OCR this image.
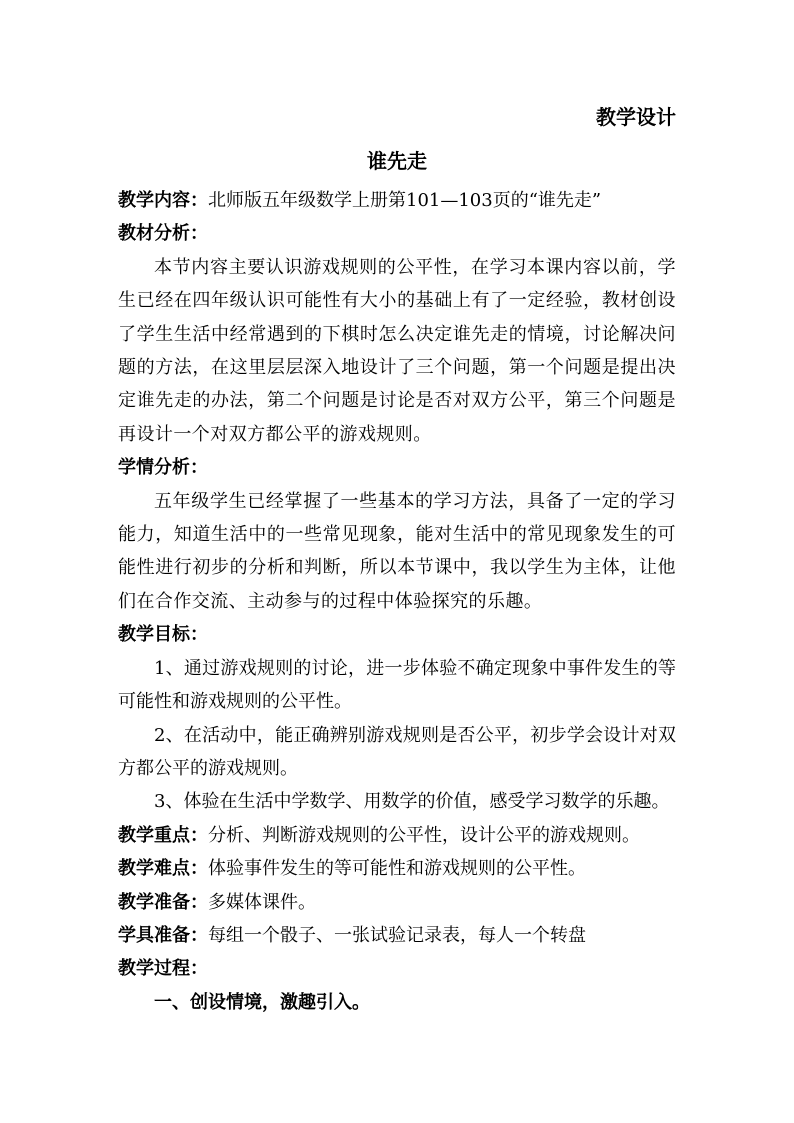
教学设计

谁先走

教学内容：北师版五年级数学上册第101—103页的“谁先走”

教材分析：

本节内容主要认识游戏规则的公平性，在学习本课内容以前，学生已经在四年级认识可能性有大小的基础上有了一定经验，教材创设了学生生活中经常遇到的下棋时怎么决定谁先走的情境，讨论解决问题的方法，在这里层层深入地设计了三个问题，第一个问题是提出决定谁先走的办法，第二个问题是讨论是否对双方公平，第三个问题是再设计一个对双方都公平的游戏规则。

学情分析：

五年级学生已经掌握了一些基本的学习方法，具备了一定的学习能力，知道生活中的一些常见现象，能对生活中的常见现象发生的可能性进行初步的分析和判断，所以本节课中，我以学生为主体，让他们在合作交流、主动参与的过程中体验探究的乐趣。

教学目标：

1、通过游戏规则的讨论，进一步体验不确定现象中事件发生的等可能性和游戏规则的公平性。

2、在活动中，能正确辨别游戏规则是否公平，初步学会设计对双方都公平的游戏规则。

3、体验在生活中学数学、用数学的价值，感受学习数学的乐趣。

教学重点：分析、判断游戏规则的公平性，设计公平的游戏规则。

教学难点：体验事件发生的等可能性和游戏规则的公平性。

教学准备：多媒体课件。

学具准备：每组一个骰子、一张试验记录表，每人一个转盘

教学过程：

一、创设情境，激趣引入。
